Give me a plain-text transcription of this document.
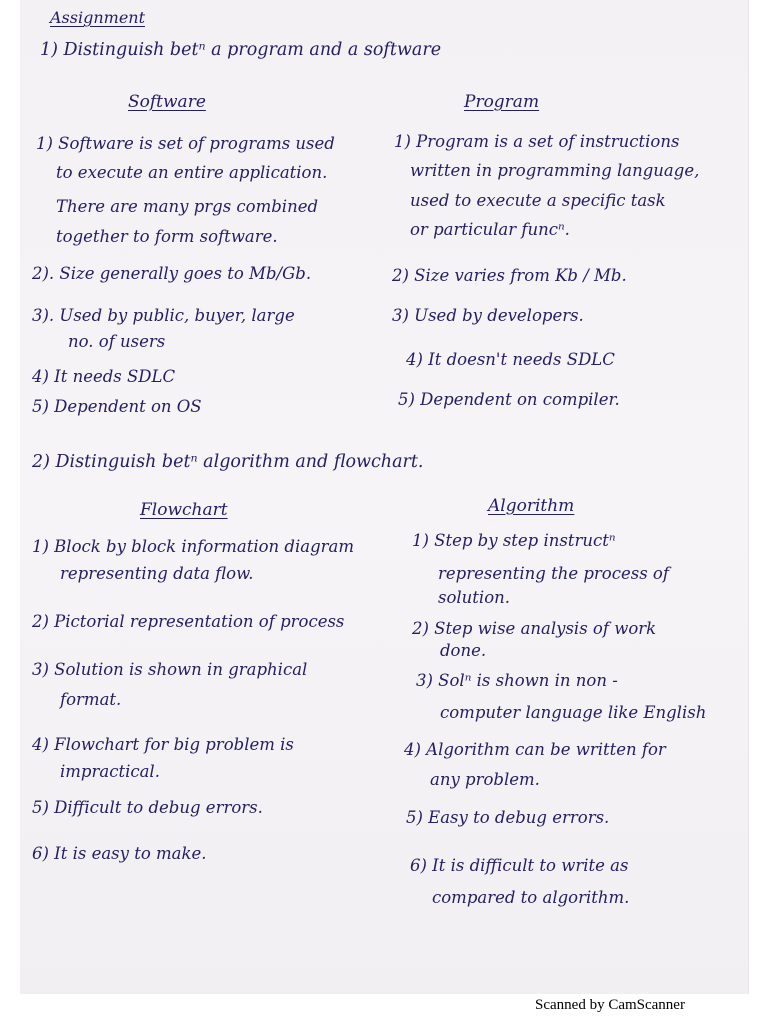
Assignment
1) Distinguish betⁿ a program and a software
Software	Program
1) Software is set of programs used
to execute an entire application.
There are many prgs combined
together to form software.
2). Size generally goes to Mb/Gb.
3). Used by public, buyer, large
no. of users
4) It needs SDLC
5) Dependent on OS
1) Program is a set of instructions
written in programming language,
used to execute a specific task
or particular funcⁿ.
2) Size varies from Kb / Mb.
3) Used by developers.
4) It doesn't needs SDLC
5) Dependent on compiler.
2) Distinguish betⁿ algorithm and flowchart.
Flowchart	Algorithm
1) Block by block information diagram
representing data flow.
2) Pictorial representation of process
3) Solution is shown in graphical
format.
4) Flowchart for big problem is
impractical.
5) Difficult to debug errors.
6) It is easy to make.
1) Step by step instructⁿ
representing the process of
solution.
2) Step wise analysis of work
done.
3) Solⁿ is shown in non -
computer language like English
4) Algorithm can be written for
any problem.
5) Easy to debug errors.
6) It is difficult to write as
compared to algorithm.
Scanned by CamScanner
